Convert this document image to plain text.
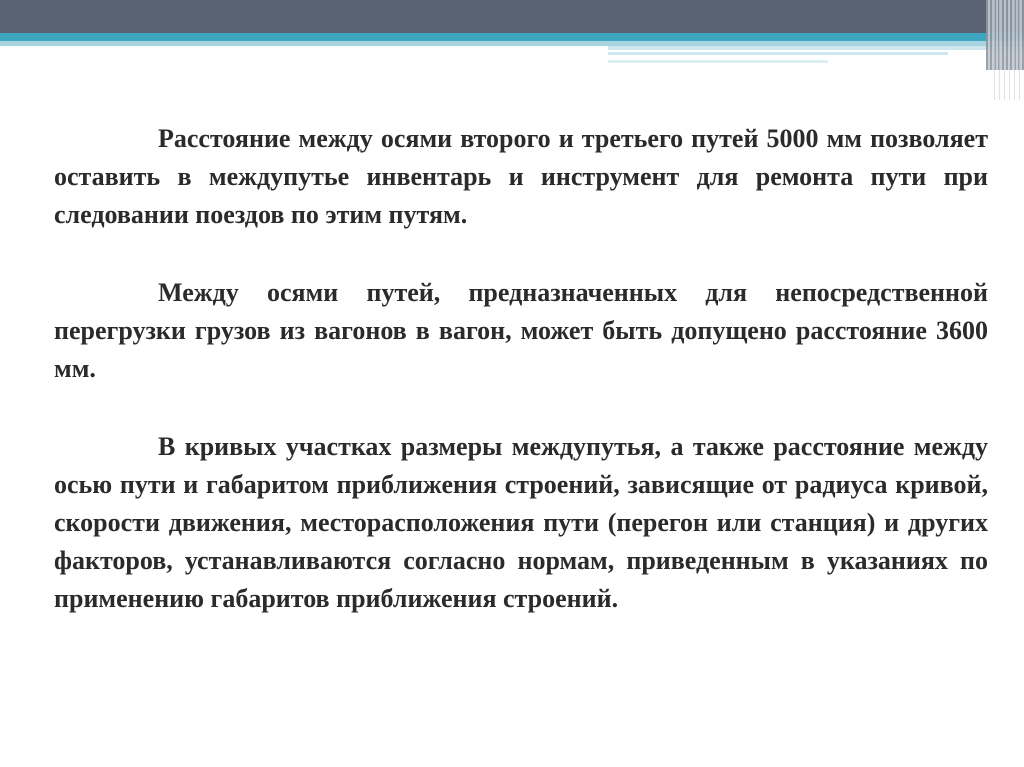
Расстояние между осями второго и третьего путей 5000 мм позволяет оставить в междупутье инвентарь и инструмент для ремонта пути при следовании поездов по этим путям.

Между осями путей, предназначенных для непосредственной перегрузки грузов из вагонов в вагон, может быть допущено расстояние 3600 мм.

В кривых участках размеры междупутья, а также расстояние между осью пути и габаритом приближения строений, зависящие от радиуса кривой, скорости движения, месторасположения пути (перегон или станция) и других факторов, устанавливаются согласно нормам, приведенным в указаниях по применению габаритов приближения строений.
